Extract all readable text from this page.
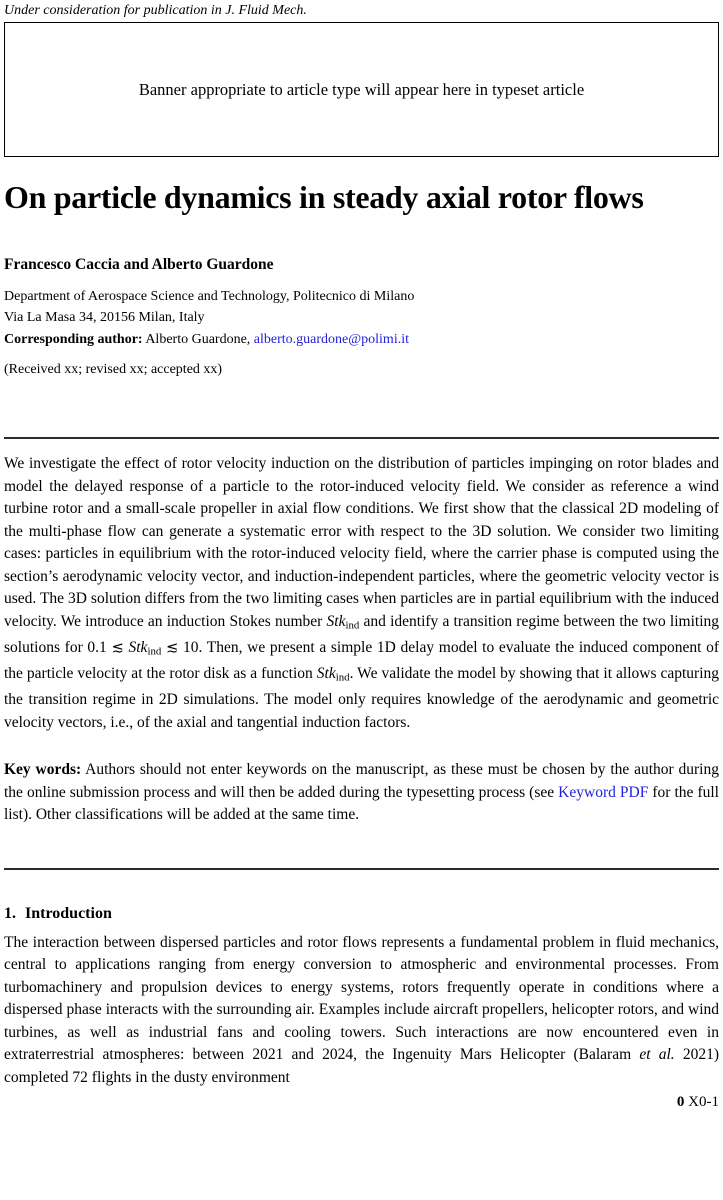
Under consideration for publication in J. Fluid Mech.
Banner appropriate to article type will appear here in typeset article
On particle dynamics in steady axial rotor flows
Francesco Caccia and Alberto Guardone
Department of Aerospace Science and Technology, Politecnico di Milano
Via La Masa 34, 20156 Milan, Italy
Corresponding author: Alberto Guardone, alberto.guardone@polimi.it
(Received xx; revised xx; accepted xx)

We investigate the effect of rotor velocity induction on the distribution of particles impinging on rotor blades and model the delayed response of a particle to the rotor-induced velocity field. We consider as reference a wind turbine rotor and a small-scale propeller in axial flow conditions. We first show that the classical 2D modeling of the multi-phase flow can generate a systematic error with respect to the 3D solution. We consider two limiting cases: particles in equilibrium with the rotor-induced velocity field, where the carrier phase is computed using the section’s aerodynamic velocity vector, and induction-independent particles, where the geometric velocity vector is used. The 3D solution differs from the two limiting cases when particles are in partial equilibrium with the induced velocity. We introduce an induction Stokes number Stkind and identify a transition regime between the two limiting solutions for 0.1 ≲ Stkind ≲ 10. Then, we present a simple 1D delay model to evaluate the induced component of the particle velocity at the rotor disk as a function Stkind. We validate the model by showing that it allows capturing the transition regime in 2D simulations. The model only requires knowledge of the aerodynamic and geometric velocity vectors, i.e., of the axial and tangential induction factors.

Key words: Authors should not enter keywords on the manuscript, as these must be chosen by the author during the online submission process and will then be added during the typesetting process (see Keyword PDF for the full list). Other classifications will be added at the same time.

1. Introduction

The interaction between dispersed particles and rotor flows represents a fundamental problem in fluid mechanics, central to applications ranging from energy conversion to atmospheric and environmental processes. From turbomachinery and propulsion devices to energy systems, rotors frequently operate in conditions where a dispersed phase interacts with the surrounding air. Examples include aircraft propellers, helicopter rotors, and wind turbines, as well as industrial fans and cooling towers. Such interactions are now encountered even in extraterrestrial atmospheres: between 2021 and 2024, the Ingenuity Mars Helicopter (Balaram et al. 2021) completed 72 flights in the dusty environment

0 X0-1
